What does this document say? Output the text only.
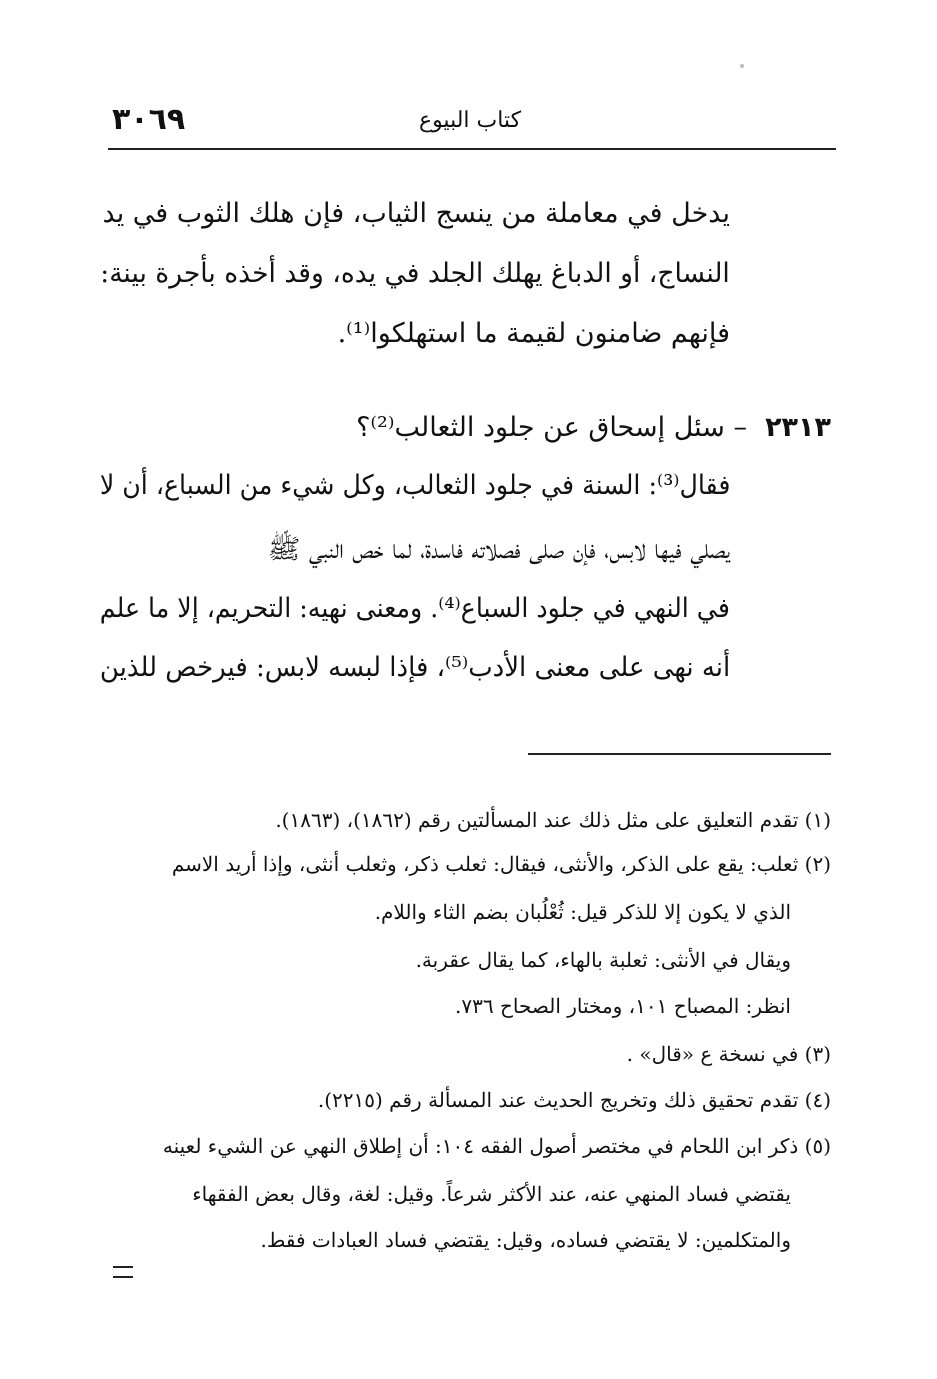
كتاب البيوع
٣٠٦٩
يدخل في معاملة من ينسج الثياب، فإن هلك الثوب في يد
النساج، أو الدباغ يهلك الجلد في يده، وقد أخذه بأجرة بينة:
فإنهم ضامنون لقيمة ما استهلكوا⁽¹⁾.
٢٣١٣
– سئل إسحاق عن جلود الثعالب⁽²⁾؟
فقال⁽³⁾: السنة في جلود الثعالب، وكل شيء من السباع، أن لا
يصلي فيها لابس، فإن صلى فصلاته فاسدة، لما خص النبي ﷺ
في النهي في جلود السباع⁽⁴⁾. ومعنى نهيه: التحريم، إلا ما علم
أنه نهى على معنى الأدب⁽⁵⁾، فإذا لبسه لابس: فيرخص للذين
(١) تقدم التعليق على مثل ذلك عند المسألتين رقم (١٨٦٢)، (١٨٦٣).
(٢) ثعلب: يقع على الذكر، والأنثى، فيقال: ثعلب ذكر، وثعلب أنثى، وإذا أريد الاسم
الذي لا يكون إلا للذكر قيل: ثُعْلُبان بضم الثاء واللام.
ويقال في الأنثى: ثعلبة بالهاء، كما يقال عقربة.
انظر: المصباح ١٠١، ومختار الصحاح ٧٣٦.
(٣) في نسخة ع «قال» .
(٤) تقدم تحقيق ذلك وتخريج الحديث عند المسألة رقم (٢٢١٥).
(٥) ذكر ابن اللحام في مختصر أصول الفقه ١٠٤: أن إطلاق النهي عن الشيء لعينه
يقتضي فساد المنهي عنه، عند الأكثر شرعاً. وقيل: لغة، وقال بعض الفقهاء
والمتكلمين: لا يقتضي فساده، وقيل: يقتضي فساد العبادات فقط.
